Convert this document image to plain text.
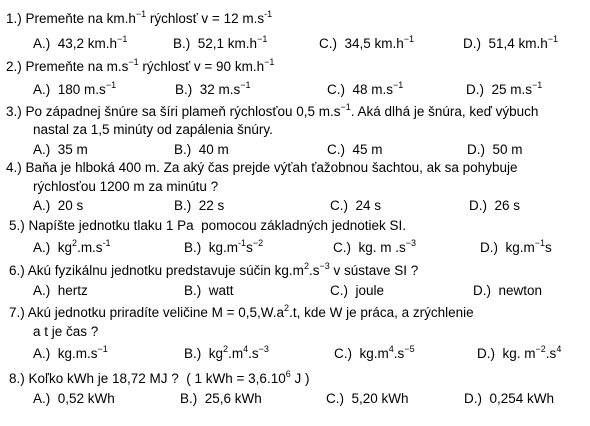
1.) Premeňte na $km.h^{-1}$ rýchlosť v = 12 $m.s^{-1}$
A.) 43,2 $km.h^{-1}$	B.) 52,1 $km.h^{-1}$	C.) 34,5 $km.h^{-1}$	D.) 51,4 $km.h^{-1}$
2.) Premeňte na $m.s^{-1}$ rýchlosť v = 90 $km.h^{-1}$
A.) 180 $m.s^{-1}$	B.) 32 $m.s^{-1}$	C.) 48 $m.s^{-1}$	D.) 25 $m.s^{-1}$
3.) Po západnej šnúre sa šíri plameň rýchlosťou 0,5 $m.s^{-1}$. Aká dlhá je šnúra, keď výbuch
nastal za 1,5 minúty od zapálenia šnúry.
A.) 35 m	B.) 40 m	C.) 45 m	D.) 50 m
4.) Baňa je hlboká 400 m. Za aký čas prejde výťah ťažobnou šachtou, ak sa pohybuje
rýchlosťou 1200 m za minútu ?
A.) 20 s	B.) 22 s	C.) 24 s	D.) 26 s
5.) Napíšte jednotku tlaku 1 Pa  pomocou základných jednotiek SI.
A.) $kg^2.m.s^{-1}$	B.) $kg.m^{-1}s^{-2}$	C.) kg. m $.s^{-3}$	D.) $kg.m^{-1}s$
6.) Akú fyzikálnu jednotku predstavuje súčin $kg.m^2.s^{-3}$ v sústave SI ?
A.) hertz	B.) watt	C.) joule	D.) newton
7.) Akú jednotku priradíte veličine $M = 0,5,W.a^2.t$, kde W je práca, a zrýchlenie
a t je čas ?
A.) $kg.m.s^{-1}$	B.) $kg^2.m^4.s^{-3}$	C.) $kg.m^4.s^{-5}$	D.) kg. $m^{-2}.s^4$
8.) Koľko kWh je 18,72 MJ ?  ( 1 kWh = $3,6.10^6$ J )
A.) 0,52 kWh	B.) 25,6 kWh	C.) 5,20 kWh	D.) 0,254 kWh
